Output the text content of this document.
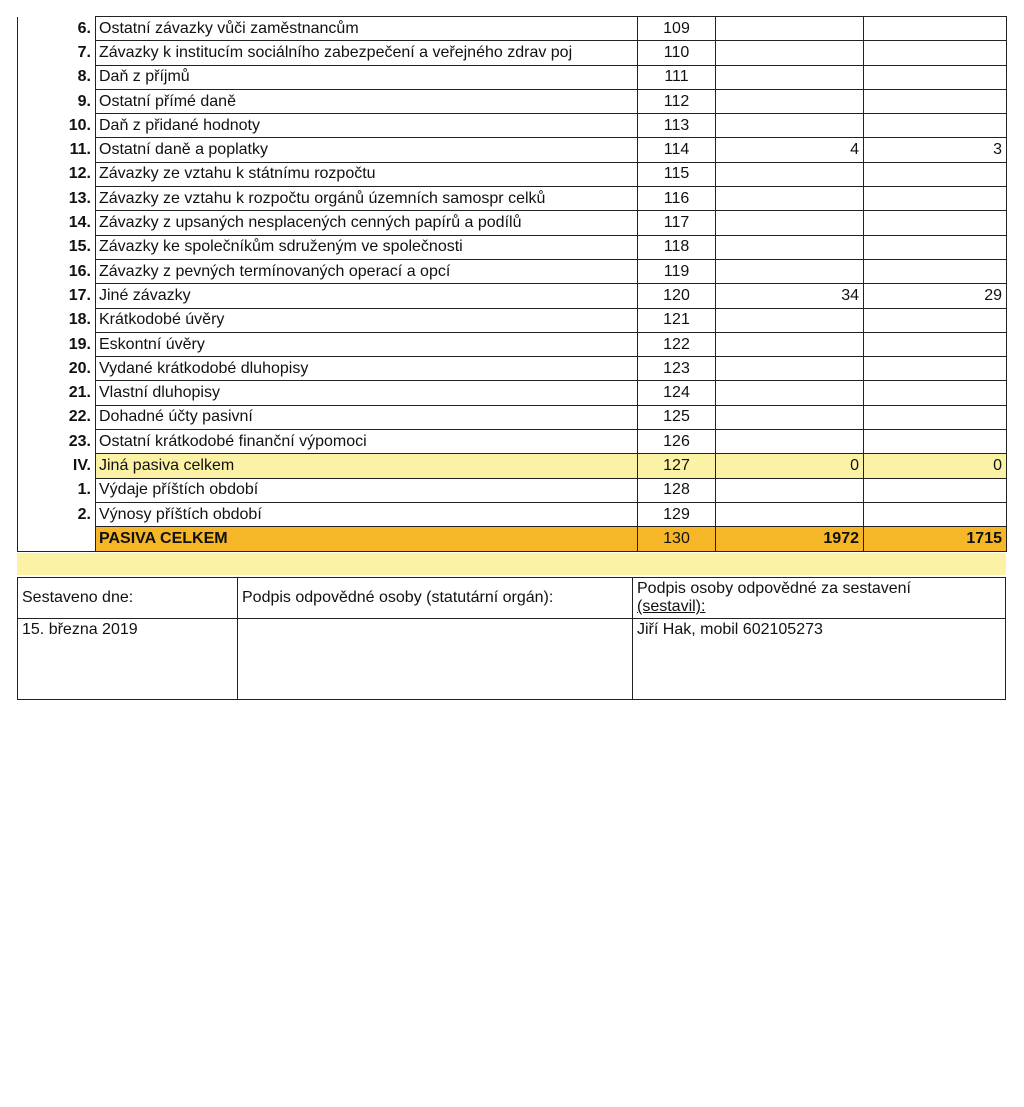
6.	Ostatní závazky vůči zaměstnancům	109		
7.	Závazky k institucím sociálního zabezpečení a veřejného zdrav poj	110		
8.	Daň z příjmů	111		
9.	Ostatní přímé daně	112		
10.	Daň z přidané hodnoty	113		
11.	Ostatní daně a poplatky	114	4	3
12.	Závazky ze vztahu k státnímu rozpočtu	115		
13.	Závazky ze vztahu k rozpočtu orgánů územních samospr celků	116		
14.	Závazky z upsaných nesplacených cenných papírů a podílů	117		
15.	Závazky ke společníkům sdruženým ve společnosti	118		
16.	Závazky z pevných termínovaných operací a opcí	119		
17.	Jiné závazky	120	34	29
18.	Krátkodobé úvěry	121		
19.	Eskontní úvěry	122		
20.	Vydané krátkodobé dluhopisy	123		
21.	Vlastní dluhopisy	124		
22.	Dohadné účty pasivní	125		
23.	Ostatní krátkodobé finanční výpomoci	126		
IV.	Jiná pasiva celkem	127	0	0
1.	Výdaje příštích období	128		
2.	Výnosy příštích období	129		
	PASIVA CELKEM	130	1972	1715
Sestaveno dne:	Podpis odpovědné osoby (statutární orgán):	Podpis osoby odpovědné za sestavení
(sestavil):
15. března 2019		Jiří Hak, mobil 602105273
